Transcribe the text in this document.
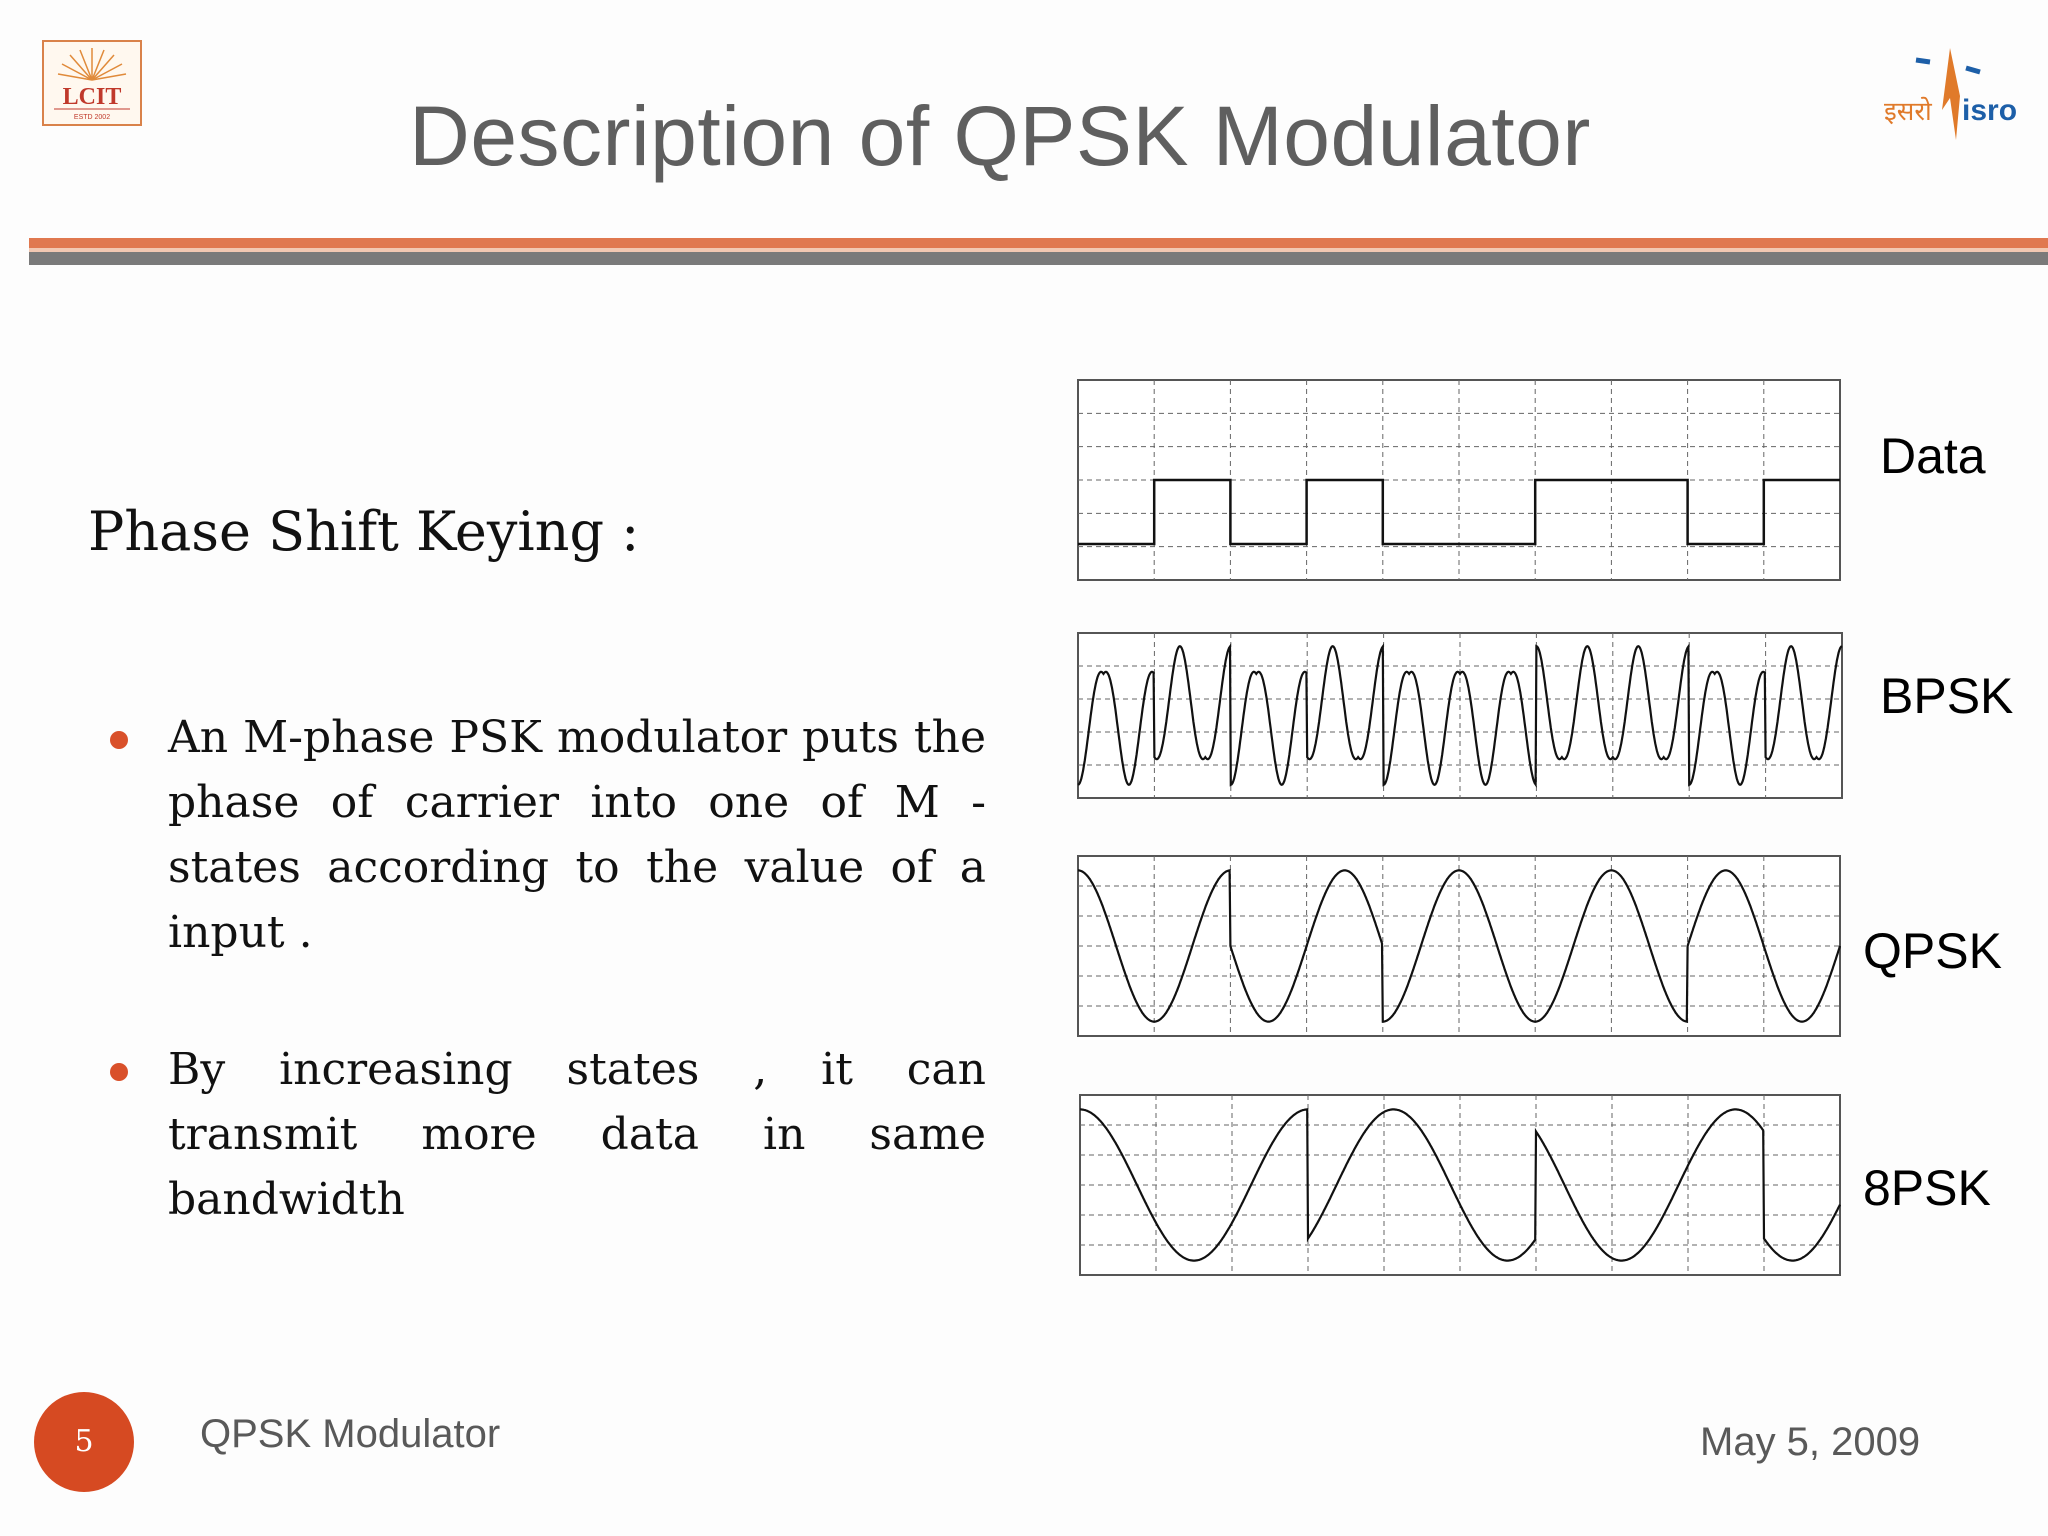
LCIT
ESTD 2002	इसरो isro
Description of QPSK Modulator
Phase Shift Keying :
An M-phase PSK modulator puts the phase of carrier into one of M - states according to the value of a input .
By increasing states , it can transmit more data in same bandwidth
Data
BPSK
QPSK
8PSK
5	QPSK Modulator	May 5, 2009
